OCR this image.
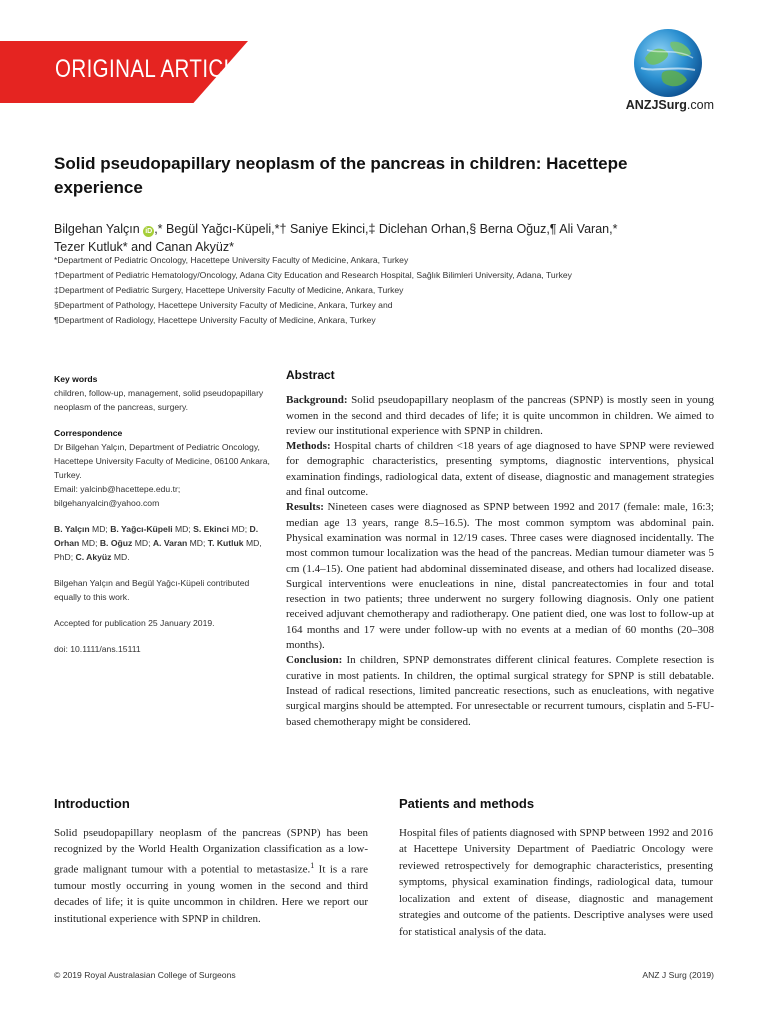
ORIGINAL ARTICLE
ANZJSurg.com
Solid pseudopapillary neoplasm of the pancreas in children: Hacettepe experience
Bilgehan Yalçın iD ,* Begül Yağcı-Küpeli,*† Saniye Ekinci,‡ Diclehan Orhan,§ Berna Oğuz,¶ Ali Varan,*
Tezer Kutluk* and Canan Akyüz*
*Department of Pediatric Oncology, Hacettepe University Faculty of Medicine, Ankara, Turkey
†Department of Pediatric Hematology/Oncology, Adana City Education and Research Hospital, Sağlık Bilimleri University, Adana, Turkey
‡Department of Pediatric Surgery, Hacettepe University Faculty of Medicine, Ankara, Turkey
§Department of Pathology, Hacettepe University Faculty of Medicine, Ankara, Turkey and
¶Department of Radiology, Hacettepe University Faculty of Medicine, Ankara, Turkey

Key words

children, follow-up, management, solid pseudopapillary neoplasm of the pancreas, surgery.

Correspondence

Dr Bilgehan Yalçın, Department of Pediatric Oncology, Hacettepe University Faculty of Medicine, 06100 Ankara, Turkey.

Email: yalcinb@hacettepe.edu.tr; bilgehanyalcin@yahoo.com

B. Yalçın MD; B. Yağcı-Küpeli MD; S. Ekinci MD; D. Orhan MD; B. Oğuz MD; A. Varan MD; T. Kutluk MD, PhD; C. Akyüz MD.

Bilgehan Yalçın and Begül Yağcı-Küpeli contributed equally to this work.

Accepted for publication 25 January 2019.

doi: 10.1111/ans.15111

Abstract

Background: Solid pseudopapillary neoplasm of the pancreas (SPNP) is mostly seen in young women in the second and third decades of life; it is quite uncommon in children. We aimed to review our institutional experience with SPNP in children.

Methods: Hospital charts of children <18 years of age diagnosed to have SPNP were reviewed for demographic characteristics, presenting symptoms, diagnostic interventions, physical examination findings, radiological data, extent of disease, diagnostic and management strategies and final outcome.

Results: Nineteen cases were diagnosed as SPNP between 1992 and 2017 (female: male, 16:3; median age 13 years, range 8.5–16.5). The most common symptom was abdominal pain. Physical examination was normal in 12/19 cases. Three cases were diagnosed incidentally. The most common tumour localization was the head of the pancreas. Median tumour diameter was 5 cm (1.4–15). One patient had abdominal disseminated disease, and others had localized disease. Surgical interventions were enucleations in nine, distal pancreatectomies in four and total resection in two patients; three underwent no surgery following diagnosis. Only one patient received adjuvant chemotherapy and radiotherapy. One patient died, one was lost to follow-up at 164 months and 17 were under follow-up with no events at a median of 60 months (20–308 months).

Conclusion: In children, SPNP demonstrates different clinical features. Complete resection is curative in most patients. In children, the optimal surgical strategy for SPNP is still debatable. Instead of radical resections, limited pancreatic resections, such as enucleations, with negative surgical margins should be attempted. For unresectable or recurrent tumours, cisplatin and 5-FU-based chemotherapy might be considered.

Introduction

Solid pseudopapillary neoplasm of the pancreas (SPNP) has been recognized by the World Health Organization classification as a low-grade malignant tumour with a potential to metastasize.$^1$ It is a rare tumour mostly occurring in young women in the second and third decades of life; it is quite uncommon in children. Here we report our institutional experience with SPNP in children.

Patients and methods

Hospital files of patients diagnosed with SPNP between 1992 and 2016 at Hacettepe University Department of Paediatric Oncology were reviewed retrospectively for demographic characteristics, presenting symptoms, physical examination findings, radiological data, tumour localization and extent of disease, diagnostic and management strategies and outcome of the patients. Descriptive analyses were used for statistical analysis of the data.

© 2019 Royal Australasian College of Surgeons	ANZ J Surg (2019)
